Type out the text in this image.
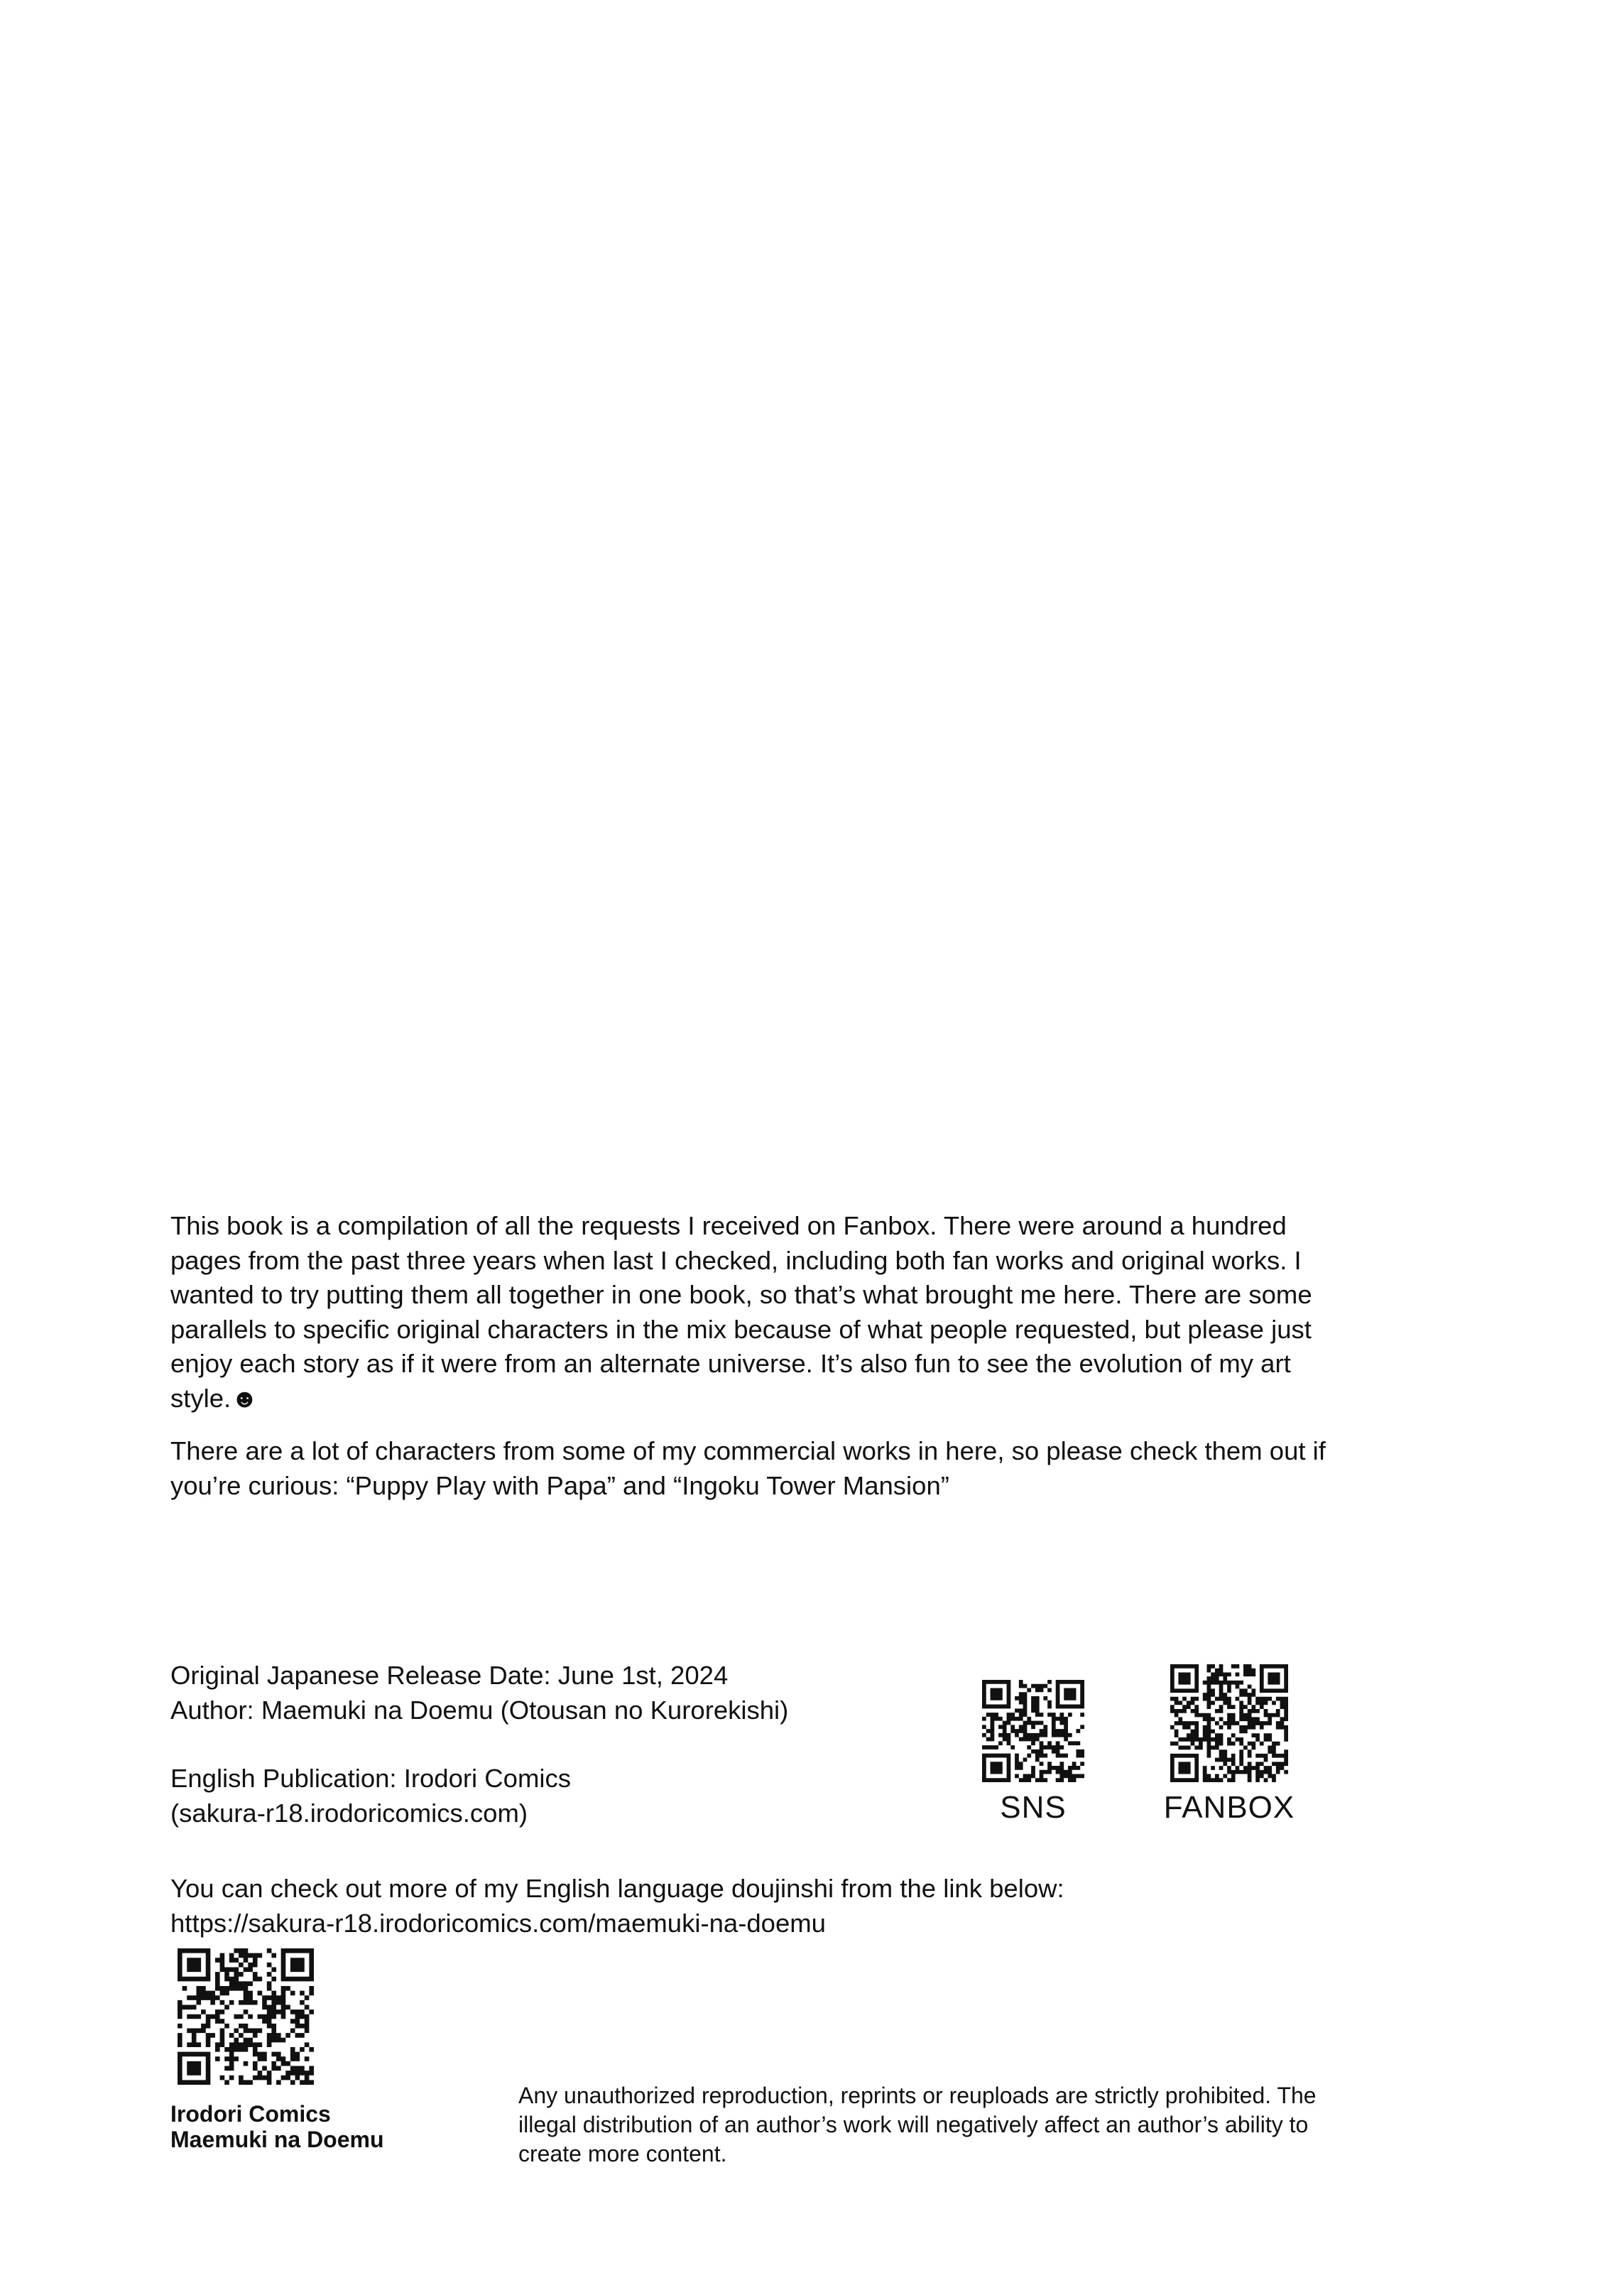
This book is a compilation of all the requests I received on Fanbox. There were around a hundred pages from the past three years when last I checked, including both fan works and original works. I wanted to try putting them all together in one book, so that’s what brought me here. There are some parallels to specific original characters in the mix because of what people requested, but please just enjoy each story as if it were from an alternate universe. It’s also fun to see the evolution of my art style.☻

There are a lot of characters from some of my commercial works in here, so please check them out if you’re curious: “Puppy Play with Papa” and “Ingoku Tower Mansion”

Original Japanese Release Date: June 1st, 2024

Author: Maemuki na Doemu (Otousan no Kurorekishi)

English Publication: Irodori Comics

(sakura-r18.irodoricomics.com)	SNS	FANBOX

You can check out more of my English language doujinshi from the link below:

https://sakura-r18.irodoricomics.com/maemuki-na-doemu

Irodori Comics
Maemuki na Doemu
Any unauthorized reproduction, reprints or reuploads are strictly prohibited. The illegal distribution of an author’s work will negatively affect an author’s ability to create more content.
